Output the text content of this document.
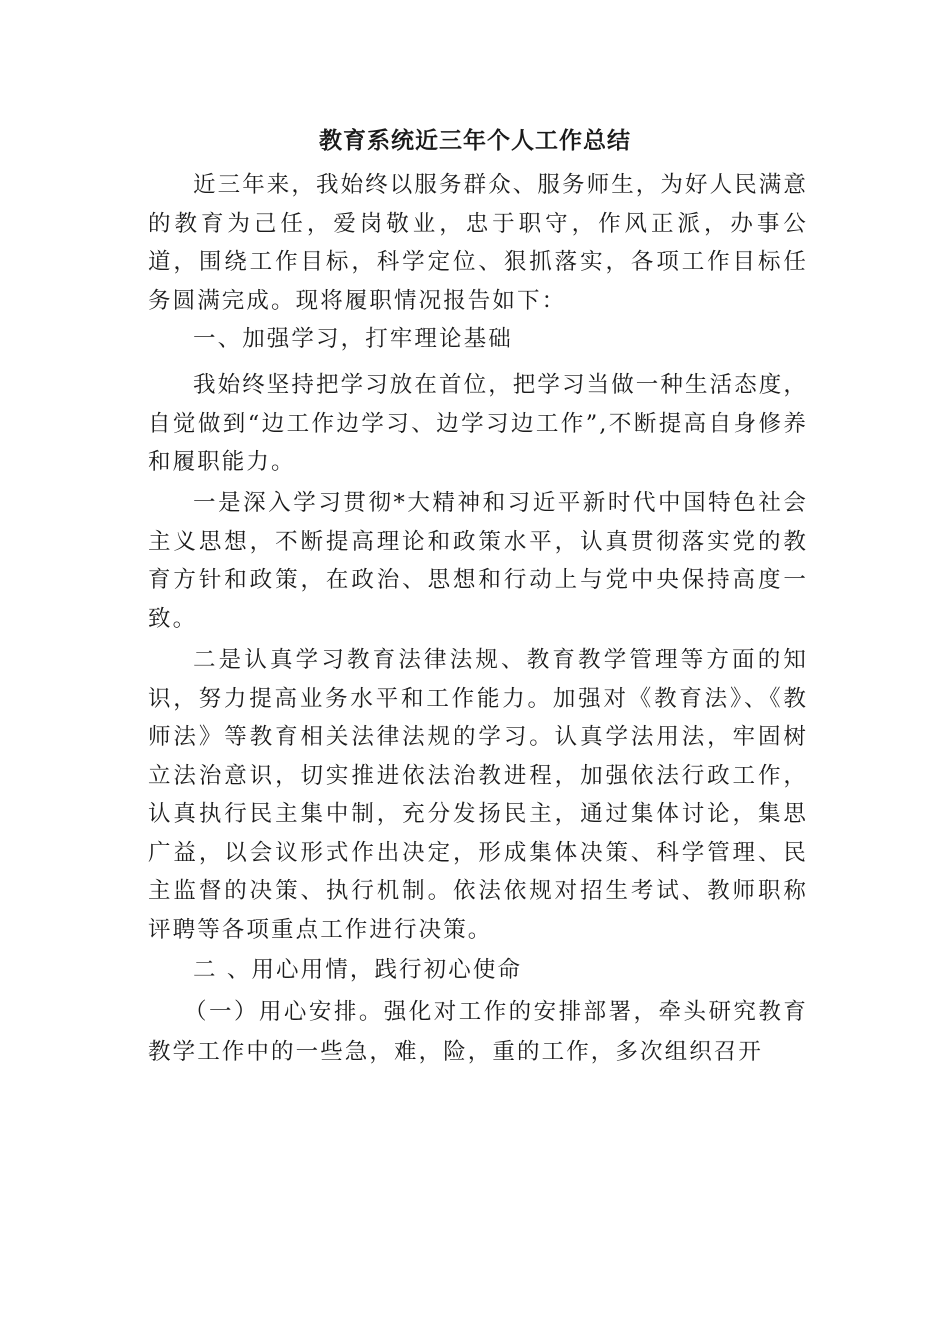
教育系统近三年个人工作总结

近三年来，我始终以服务群众、服务师生，为好人民满意的教育为己任，爱岗敬业，忠于职守，作风正派，办事公道，围绕工作目标，科学定位、狠抓落实，各项工作目标任务圆满完成。现将履职情况报告如下：

一、加强学习，打牢理论基础

我始终坚持把学习放在首位，把学习当做一种生活态度，自觉做到“边工作边学习、边学习边工作”,不断提高自身修养和履职能力。

一是深入学习贯彻*大精神和习近平新时代中国特色社会主义思想，不断提高理论和政策水平，认真贯彻落实党的教育方针和政策，在政治、思想和行动上与党中央保持高度一致。

二是认真学习教育法律法规、教育教学管理等方面的知识，努力提高业务水平和工作能力。加强对《教育法》、《教师法》等教育相关法律法规的学习。认真学法用法，牢固树立法治意识，切实推进依法治教进程，加强依法行政工作，认真执行民主集中制，充分发扬民主，通过集体讨论，集思广益，以会议形式作出决定，形成集体决策、科学管理、民主监督的决策、执行机制。依法依规对招生考试、教师职称评聘等各项重点工作进行决策。

二 、用心用情，践行初心使命

（一）用心安排。强化对工作的安排部署，牵头研究教育教学工作中的一些急，难，险，重的工作，多次组织召开
